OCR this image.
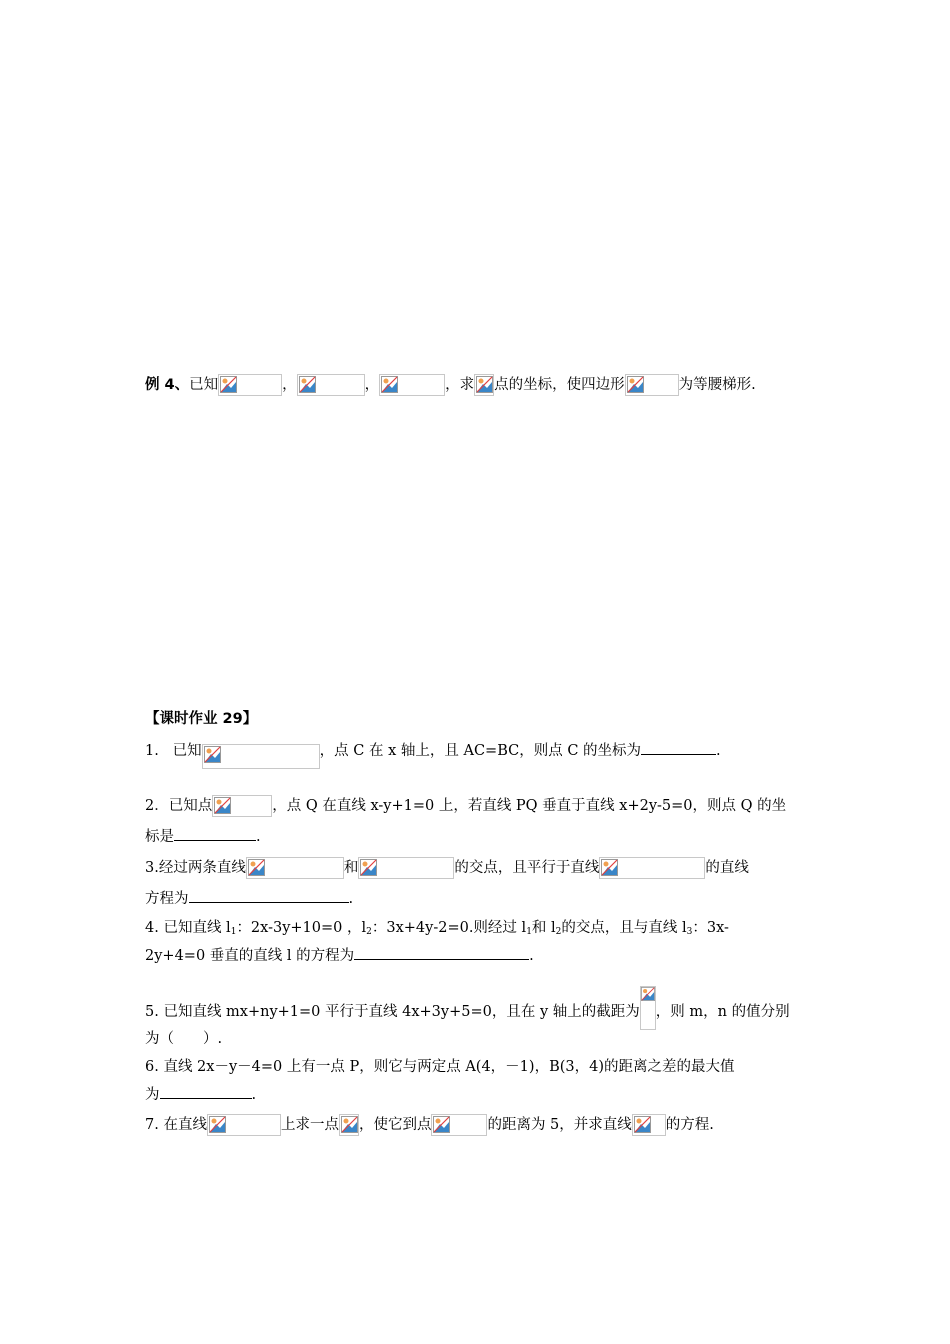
例 4、已知	，	，	，求 点的坐标，使四边形	为等腰梯形.
【课时作业 29】
1. 已知	，点 C 在 x 轴上，且 AC=BC，则点 C 的坐标为	.
2．已知点	，点 Q 在直线 x-y+1=0 上，若直线 PQ 垂直于直线 x+2y-5=0，则点 Q 的坐
标是	.
3.经过两条直线	和	的交点，且平行于直线	的直线
方程为	.
4. 已知直线 $l_1$：2x-3y+10=0 ，$l_2$：3x+4y-2=0.则经过 $l_1$和 $l_2$的交点，且与直线 $l_3$：3x-
2y+4=0 垂直的直线 l 的方程为	.
5. 已知直线 mx+ny+1=0 平行于直线 4x+3y+5=0，且在 y 轴上的截距为 ，则 m，n 的值分别
为（　　）.
6. 直线 2x－y－4=0 上有一点 P，则它与两定点 A(4，－1)，B(3，4)的距离之差的最大值
为	.
7. 在直线	上求一点 ，使它到点	的距离为 5，并求直线 的方程.
